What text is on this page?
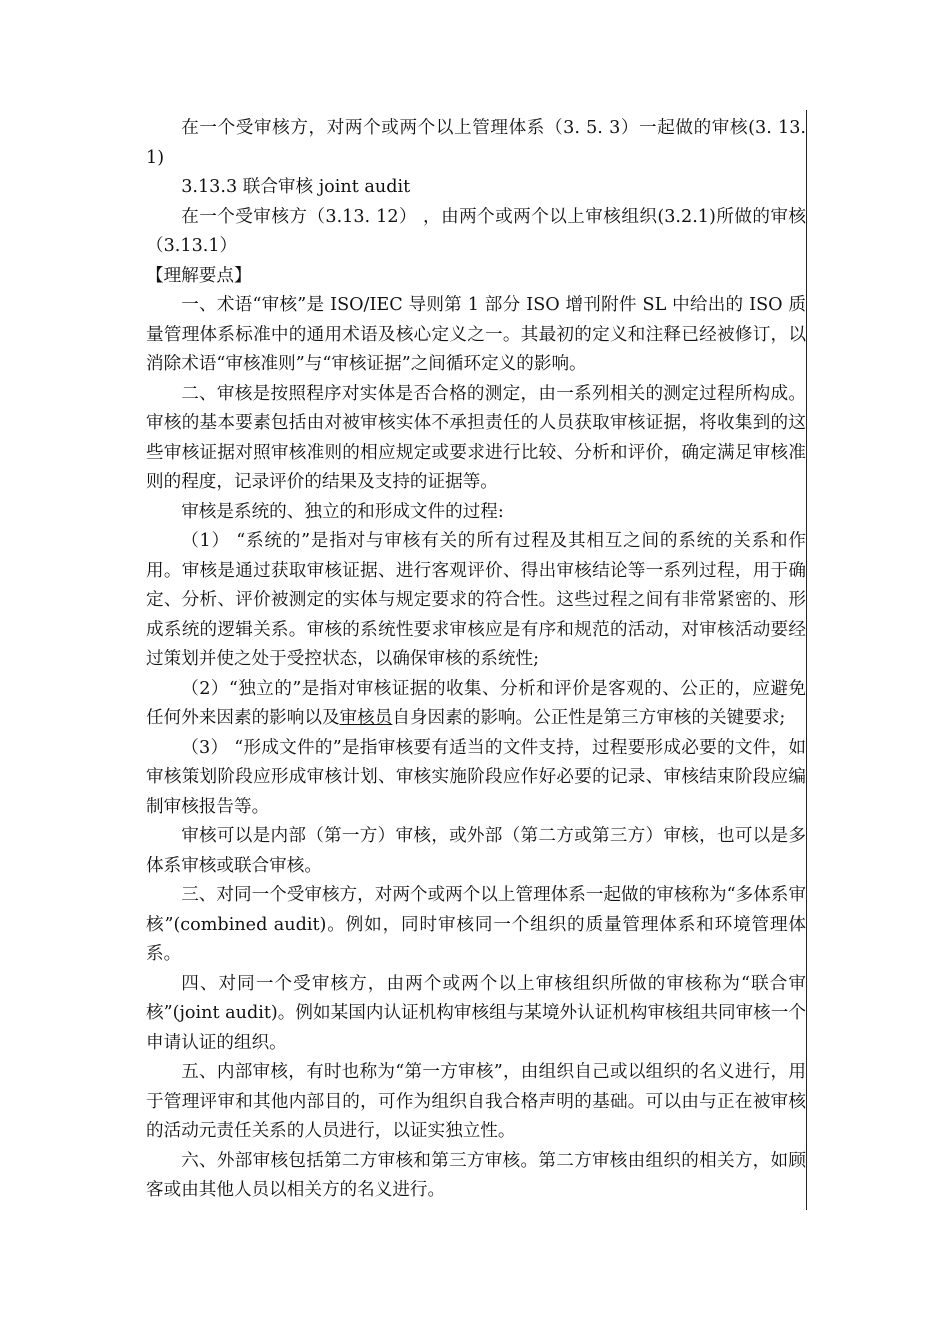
在一个受审核方，对两个或两个以上管理体系（3. 5. 3）一起做的审核(3. 13. 1)

3.13.3 联合审核 joint audit

在一个受审核方（3.13. 12） ，由两个或两个以上审核组织(3.2.1)所做的审核（3.13.1）

【理解要点】

一、术语“审核”是 ISO/IEC 导则第 1 部分 ISO 增刊附件 SL 中给出的 ISO 质量管理体系标准中的通用术语及核心定义之一。其最初的定义和注释已经被修订，以消除术语“审核准则”与“审核证据”之间循环定义的影响。

二、审核是按照程序对实体是否合格的测定，由一系列相关的测定过程所构成。审核的基本要素包括由对被审核实体不承担责任的人员获取审核证据，将收集到的这些审核证据对照审核准则的相应规定或要求进行比较、分析和评价，确定满足审核准则的程度，记录评价的结果及支持的证据等。

审核是系统的、独立的和形成文件的过程:

（1） “系统的”是指对与审核有关的所有过程及其相互之间的系统的关系和作用。审核是通过获取审核证据、进行客观评价、得出审核结论等一系列过程，用于确定、分析、评价被测定的实体与规定要求的符合性。这些过程之间有非常紧密的、形成系统的逻辑关系。审核的系统性要求审核应是有序和规范的活动，对审核活动要经过策划并使之处于受控状态，以确保审核的系统性;

（2）“独立的”是指对审核证据的收集、分析和评价是客观的、公正的，应避免任何外来因素的影响以及审核员自身因素的影响。公正性是第三方审核的关键要求;

（3） “形成文件的”是指审核要有适当的文件支持，过程要形成必要的文件，如审核策划阶段应形成审核计划、审核实施阶段应作好必要的记录、审核结束阶段应编制审核报告等。

审核可以是内部（第一方）审核，或外部（第二方或第三方）审核，也可以是多体系审核或联合审核。

三、对同一个受审核方，对两个或两个以上管理体系一起做的审核称为“多体系审核”(combined audit)。例如，同时审核同一个组织的质量管理体系和环境管理体系。

四、对同一个受审核方，由两个或两个以上审核组织所做的审核称为“联合审核”(joint audit)。例如某国内认证机构审核组与某境外认证机构审核组共同审核一个申请认证的组织。

五、内部审核，有时也称为“第一方审核”，由组织自己或以组织的名义进行，用于管理评审和其他内部目的，可作为组织自我合格声明的基础。可以由与正在被审核的活动元责任关系的人员进行，以证实独立性。

六、外部审核包括第二方审核和第三方审核。第二方审核由组织的相关方，如顾客或由其他人员以相关方的名义进行。
